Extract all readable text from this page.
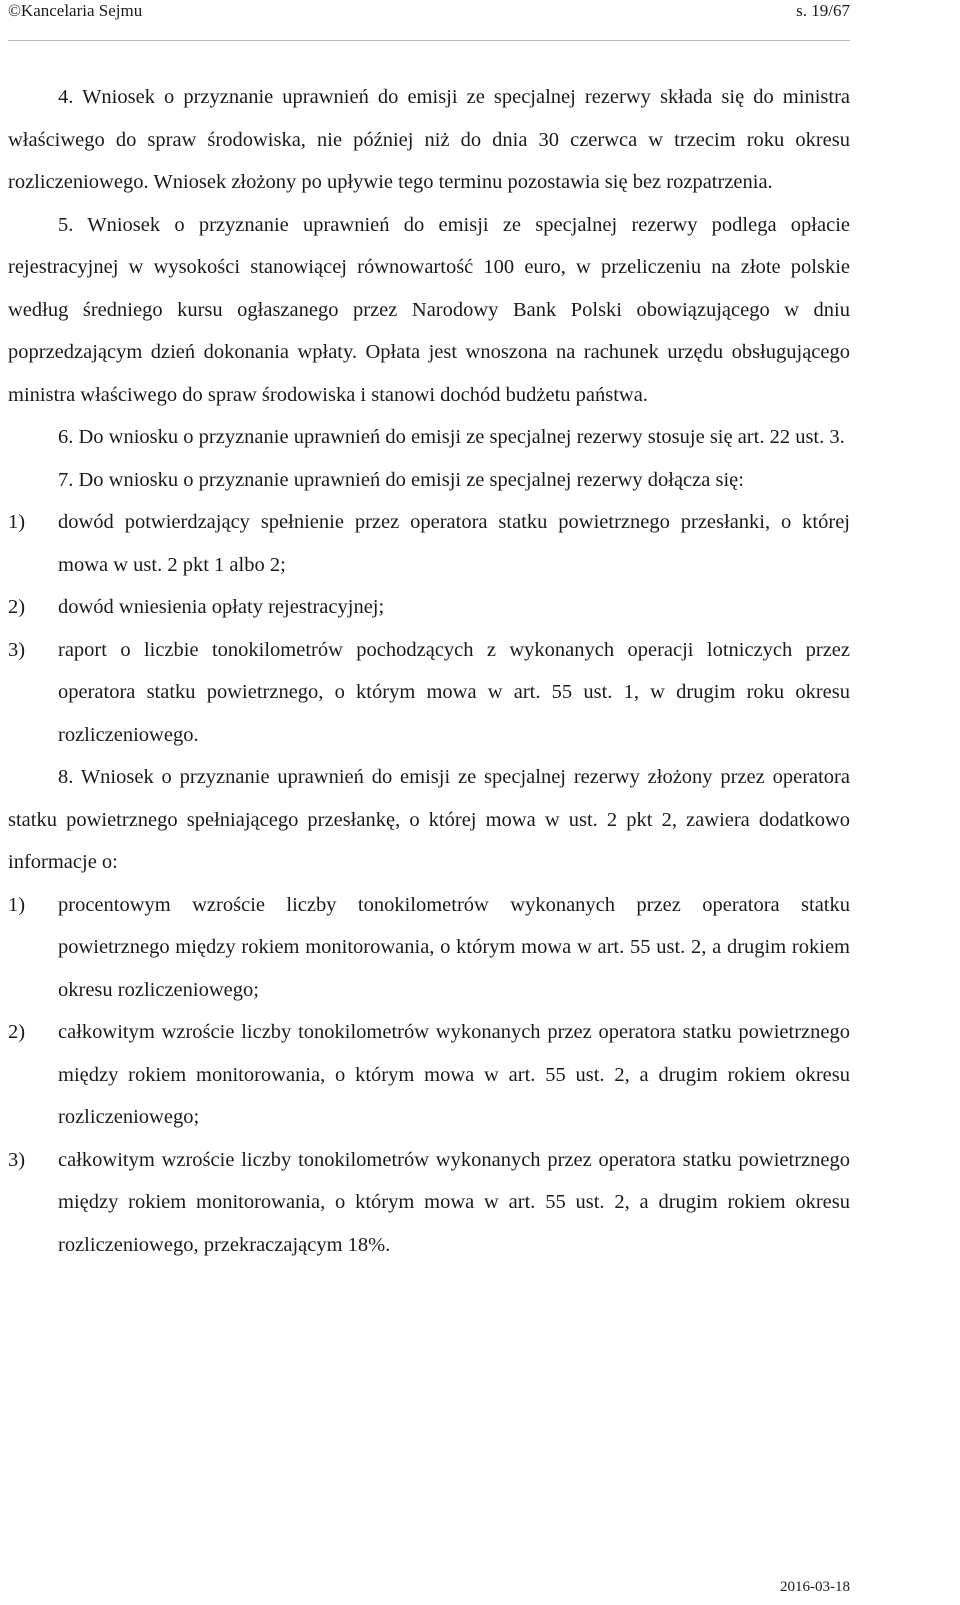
©Kancelaria Sejmu	s. 19/67

4. Wniosek o przyznanie uprawnień do emisji ze specjalnej rezerwy składa się do ministra właściwego do spraw środowiska, nie później niż do dnia 30 czerwca w trzecim roku okresu rozliczeniowego. Wniosek złożony po upływie tego terminu pozostawia się bez rozpatrzenia.

5. Wniosek o przyznanie uprawnień do emisji ze specjalnej rezerwy podlega opłacie rejestracyjnej w wysokości stanowiącej równowartość 100 euro, w przeliczeniu na złote polskie według średniego kursu ogłaszanego przez Narodowy Bank Polski obowiązującego w dniu poprzedzającym dzień dokonania wpłaty. Opłata jest wnoszona na rachunek urzędu obsługującego ministra właściwego do spraw środowiska i stanowi dochód budżetu państwa.

6. Do wniosku o przyznanie uprawnień do emisji ze specjalnej rezerwy stosuje się art. 22 ust. 3.

7. Do wniosku o przyznanie uprawnień do emisji ze specjalnej rezerwy dołącza się:

1) dowód potwierdzający spełnienie przez operatora statku powietrznego przesłanki, o której mowa w ust. 2 pkt 1 albo 2;
2) dowód wniesienia opłaty rejestracyjnej;
3) raport o liczbie tonokilometrów pochodzących z wykonanych operacji lotniczych przez operatora statku powietrznego, o którym mowa w art. 55 ust. 1, w drugim roku okresu rozliczeniowego.

8. Wniosek o przyznanie uprawnień do emisji ze specjalnej rezerwy złożony przez operatora statku powietrznego spełniającego przesłankę, o której mowa w ust. 2 pkt 2, zawiera dodatkowo informacje o:

1) procentowym wzroście liczby tonokilometrów wykonanych przez operatora statku powietrznego między rokiem monitorowania, o którym mowa w art. 55 ust. 2, a drugim rokiem okresu rozliczeniowego;
2) całkowitym wzroście liczby tonokilometrów wykonanych przez operatora statku powietrznego między rokiem monitorowania, o którym mowa w art. 55 ust. 2, a drugim rokiem okresu rozliczeniowego;
3) całkowitym wzroście liczby tonokilometrów wykonanych przez operatora statku powietrznego między rokiem monitorowania, o którym mowa w art. 55 ust. 2, a drugim rokiem okresu rozliczeniowego, przekraczającym 18%.
2016-03-18
